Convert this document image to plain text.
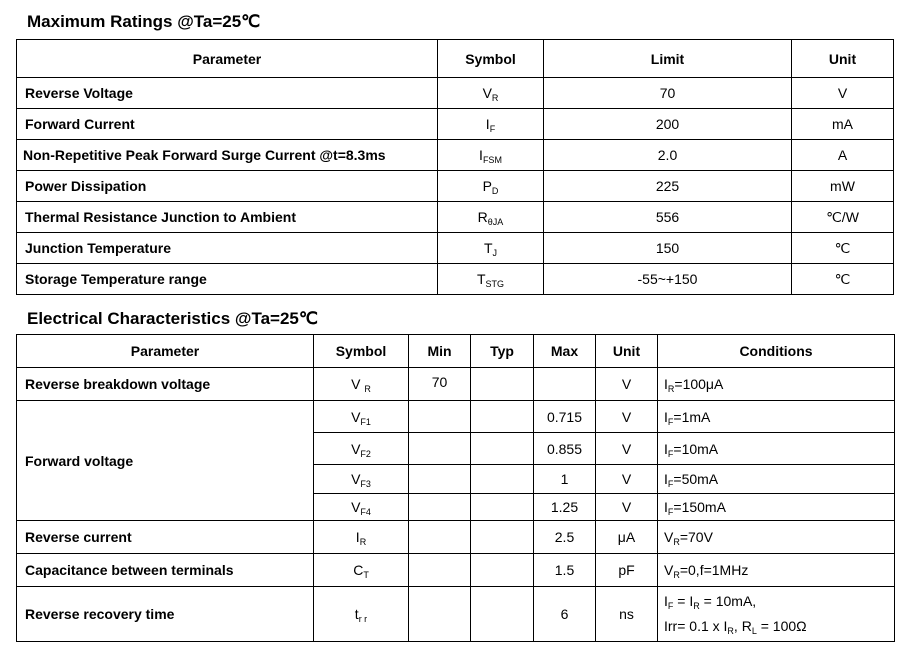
Maximum Ratings @Ta=25℃
Parameter	Symbol	Limit	Unit
Reverse Voltage	$V_R$	70	V
Forward Current	$I_F$	200	mA
Non-Repetitive Peak Forward Surge Current @t=8.3ms	$I_{FSM}$	2.0	A
Power Dissipation	$P_D$	225	mW
Thermal Resistance Junction to Ambient	$R_{\theta JA}$	556	℃/W
Junction Temperature	$T_J$	150	℃
Storage Temperature range	$T_{STG}$	-55~+150	℃
Electrical Characteristics @Ta=25℃
Parameter	Symbol	Min	Typ	Max	Unit	Conditions
Reverse breakdown voltage	V $_R$	70			V	$I_R=100\mu A$
Forward voltage	$V_{F1}$			0.715	V	$I_F=1mA$
	$V_{F2}$			0.855	V	$I_F=10mA$
	$V_{F3}$			1	V	$I_F=50mA$
	$V_{F4}$			1.25	V	$I_F=150mA$
Reverse current	$I_R$			2.5	μA	$V_R=70V$
Capacitance between terminals	$C_T$			1.5	pF	$V_R=0,f=1MHz$
Reverse recovery time	$t_{r r}$			6	ns	$I_F = I_R = 10mA$,
Irr= 0.1 x $I_R$, $R_L = 100\Omega$
